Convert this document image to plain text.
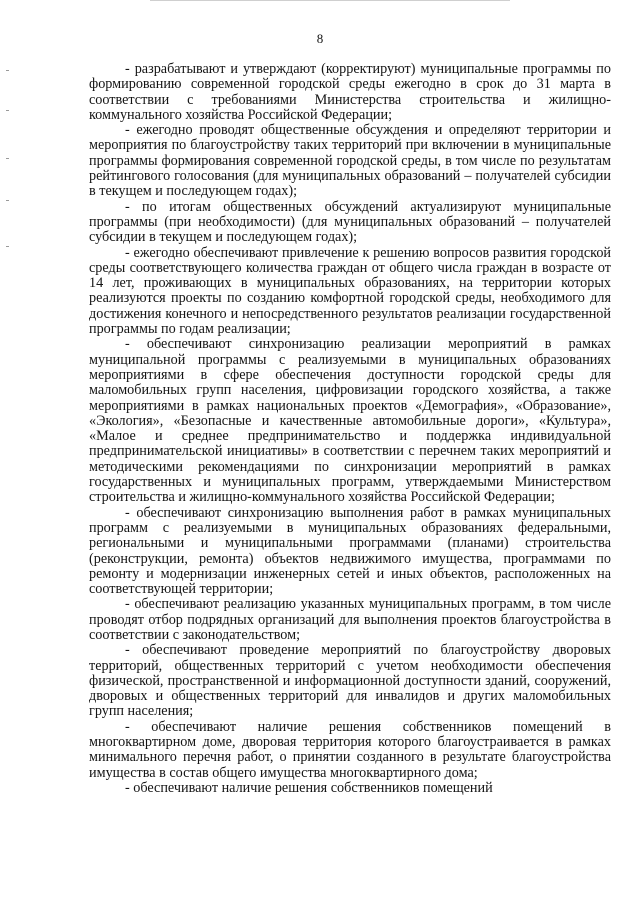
8

- разрабатывают и утверждают (корректируют) муниципальные программы по формированию современной городской среды ежегодно в срок до 31 марта в соответствии с требованиями Министерства строительства и жилищно-коммунального хозяйства Российской Федерации;

- ежегодно проводят общественные обсуждения и определяют территории и мероприятия по благоустройству таких территорий при включении в муниципальные программы формирования современной городской среды, в том числе по результатам рейтингового голосования (для муниципальных образований – получателей субсидии в текущем и последующем годах);

- по итогам общественных обсуждений актуализируют муниципальные программы (при необходимости) (для муниципальных образований – получателей субсидии в текущем и последующем годах);

- ежегодно обеспечивают привлечение к решению вопросов развития городской среды соответствующего количества граждан от общего числа граждан в возрасте от 14 лет, проживающих в муниципальных образованиях, на территории которых реализуются проекты по созданию комфортной городской среды, необходимого для достижения конечного и непосредственного результатов реализации государственной программы по годам реализации;

- обеспечивают синхронизацию реализации мероприятий в рамках муниципальной программы с реализуемыми в муниципальных образованиях мероприятиями в сфере обеспечения доступности городской среды для маломобильных групп населения, цифровизации городского хозяйства, а также мероприятиями в рамках национальных проектов «Демография», «Образование», «Экология», «Безопасные и качественные автомобильные дороги», «Культура», «Малое и среднее предпринимательство и поддержка индивидуальной предпринимательской инициативы» в соответствии с перечнем таких мероприятий и методическими рекомендациями по синхронизации мероприятий в рамках государственных и муниципальных программ, утверждаемыми Министерством строительства и жилищно-коммунального хозяйства Российской Федерации;

- обеспечивают синхронизацию выполнения работ в рамках муниципальных программ с реализуемыми в муниципальных образованиях федеральными, региональными и муниципальными программами (планами) строительства (реконструкции, ремонта) объектов недвижимого имущества, программами по ремонту и модернизации инженерных сетей и иных объектов, расположенных на соответствующей территории;

- обеспечивают реализацию указанных муниципальных программ, в том числе проводят отбор подрядных организаций для выполнения проектов благоустройства в соответствии с законодательством;

- обеспечивают проведение мероприятий по благоустройству дворовых территорий, общественных территорий с учетом необходимости обеспечения физической, пространственной и информационной доступности зданий, сооружений, дворовых и общественных территорий для инвалидов и других маломобильных групп населения;

- обеспечивают наличие решения собственников помещений в многоквартирном доме, дворовая территория которого благоустраивается в рамках минимального перечня работ, о принятии созданного в результате благоустройства имущества в состав общего имущества многоквартирного дома;

- обеспечивают наличие решения собственников помещений
